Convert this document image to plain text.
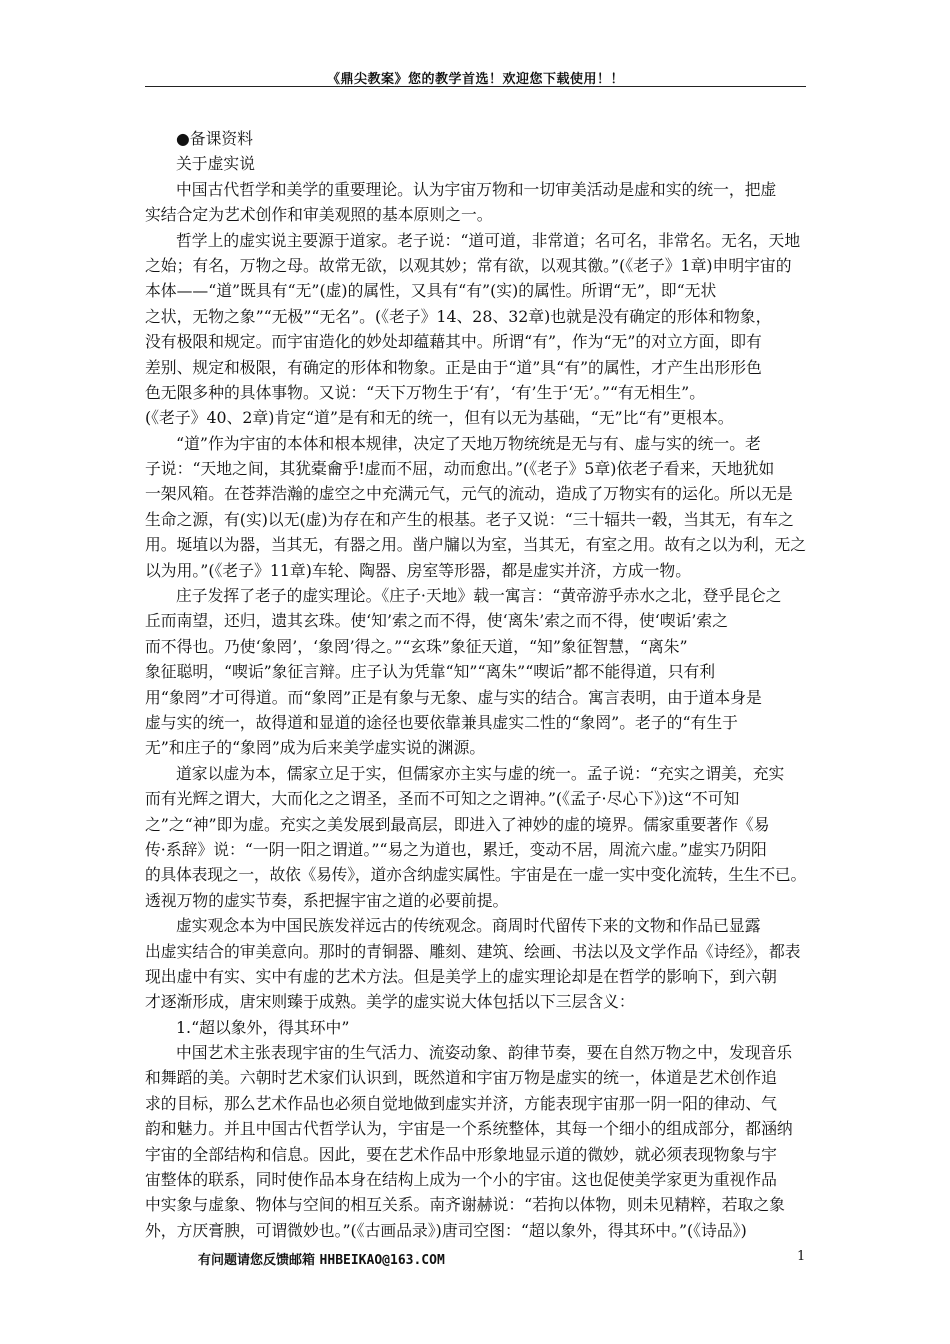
《鼎尖教案》您的教学首选！欢迎您下载使用！！
●备课资料
关于虚实说
中国古代哲学和美学的重要理论。认为宇宙万物和一切审美活动是虚和实的统一，把虚
实结合定为艺术创作和审美观照的基本原则之一。
哲学上的虚实说主要源于道家。老子说：“道可道，非常道；名可名，非常名。无名，天地
之始；有名，万物之母。故常无欲，以观其妙；常有欲，以观其徼。”(《老子》1章)申明宇宙的
本体——“道”既具有“无”(虚)的属性，又具有“有”(实)的属性。所谓“无”，即“无状
之状，无物之象”“无极”“无名”。(《老子》14、28、32章)也就是没有确定的形体和物象，
没有极限和规定。而宇宙造化的妙处却蕴藉其中。所谓“有”，作为“无”的对立方面，即有
差别、规定和极限，有确定的形体和物象。正是由于“道”具“有”的属性，才产生出形形色
色无限多种的具体事物。又说：“天下万物生于‘有’，‘有’生于‘无’。”“有无相生”。
(《老子》40、2章)肯定“道”是有和无的统一，但有以无为基础，“无”比“有”更根本。
“道”作为宇宙的本体和根本规律，决定了天地万物统统是无与有、虚与实的统一。老
子说：“天地之间，其犹橐龠乎!虚而不屈，动而愈出。”(《老子》5章)依老子看来，天地犹如
一架风箱。在苍莽浩瀚的虚空之中充满元气，元气的流动，造成了万物实有的运化。所以无是
生命之源，有(实)以无(虚)为存在和产生的根基。老子又说：“三十辐共一毂，当其无，有车之
用。埏埴以为器，当其无，有器之用。凿户牖以为室，当其无，有室之用。故有之以为利，无之
以为用。”(《老子》11章)车轮、陶器、房室等形器，都是虚实并济，方成一物。
庄子发挥了老子的虚实理论。《庄子·天地》载一寓言：“黄帝游乎赤水之北，登乎昆仑之
丘而南望，还归，遗其玄珠。使‘知’索之而不得，使‘离朱’索之而不得，使‘喫诟’索之
而不得也。乃使‘象罔’，‘象罔’得之。”“玄珠”象征天道，“知”象征智慧，“离朱”
象征聪明，“喫诟”象征言辩。庄子认为凭靠“知”“离朱”“喫诟”都不能得道，只有利
用“象罔”才可得道。而“象罔”正是有象与无象、虚与实的结合。寓言表明，由于道本身是
虚与实的统一，故得道和显道的途径也要依靠兼具虚实二性的“象罔”。老子的“有生于
无”和庄子的“象罔”成为后来美学虚实说的渊源。
道家以虚为本，儒家立足于实，但儒家亦主实与虚的统一。孟子说：“充实之谓美，充实
而有光辉之谓大，大而化之之谓圣，圣而不可知之之谓神。”(《孟子·尽心下》)这“不可知
之”之“神”即为虚。充实之美发展到最高层，即进入了神妙的虚的境界。儒家重要著作《易
传·系辞》说：“一阴一阳之谓道。”“易之为道也，累迁，变动不居，周流六虚。”虚实乃阴阳
的具体表现之一，故依《易传》，道亦含纳虚实属性。宇宙是在一虚一实中变化流转，生生不已。
透视万物的虚实节奏，系把握宇宙之道的必要前提。
虚实观念本为中国民族发祥远古的传统观念。商周时代留传下来的文物和作品已显露
出虚实结合的审美意向。那时的青铜器、雕刻、建筑、绘画、书法以及文学作品《诗经》，都表
现出虚中有实、实中有虚的艺术方法。但是美学上的虚实理论却是在哲学的影响下，到六朝
才逐渐形成，唐宋则臻于成熟。美学的虚实说大体包括以下三层含义：
1.“超以象外，得其环中”
中国艺术主张表现宇宙的生气活力、流姿动象、韵律节奏，要在自然万物之中，发现音乐
和舞蹈的美。六朝时艺术家们认识到，既然道和宇宙万物是虚实的统一，体道是艺术创作追
求的目标，那么艺术作品也必须自觉地做到虚实并济，方能表现宇宙那一阴一阳的律动、气
韵和魅力。并且中国古代哲学认为，宇宙是一个系统整体，其每一个细小的组成部分，都涵纳
宇宙的全部结构和信息。因此，要在艺术作品中形象地显示道的微妙，就必须表现物象与宇
宙整体的联系，同时使作品本身在结构上成为一个小的宇宙。这也促使美学家更为重视作品
中实象与虚象、物体与空间的相互关系。南齐谢赫说：“若拘以体物，则未见精粹，若取之象
外，方厌膏腴，可谓微妙也。”(《古画品录》)唐司空图：“超以象外，得其环中。”(《诗品》)
有问题请您反馈邮箱 HHBEIKAO@163.COM	1
